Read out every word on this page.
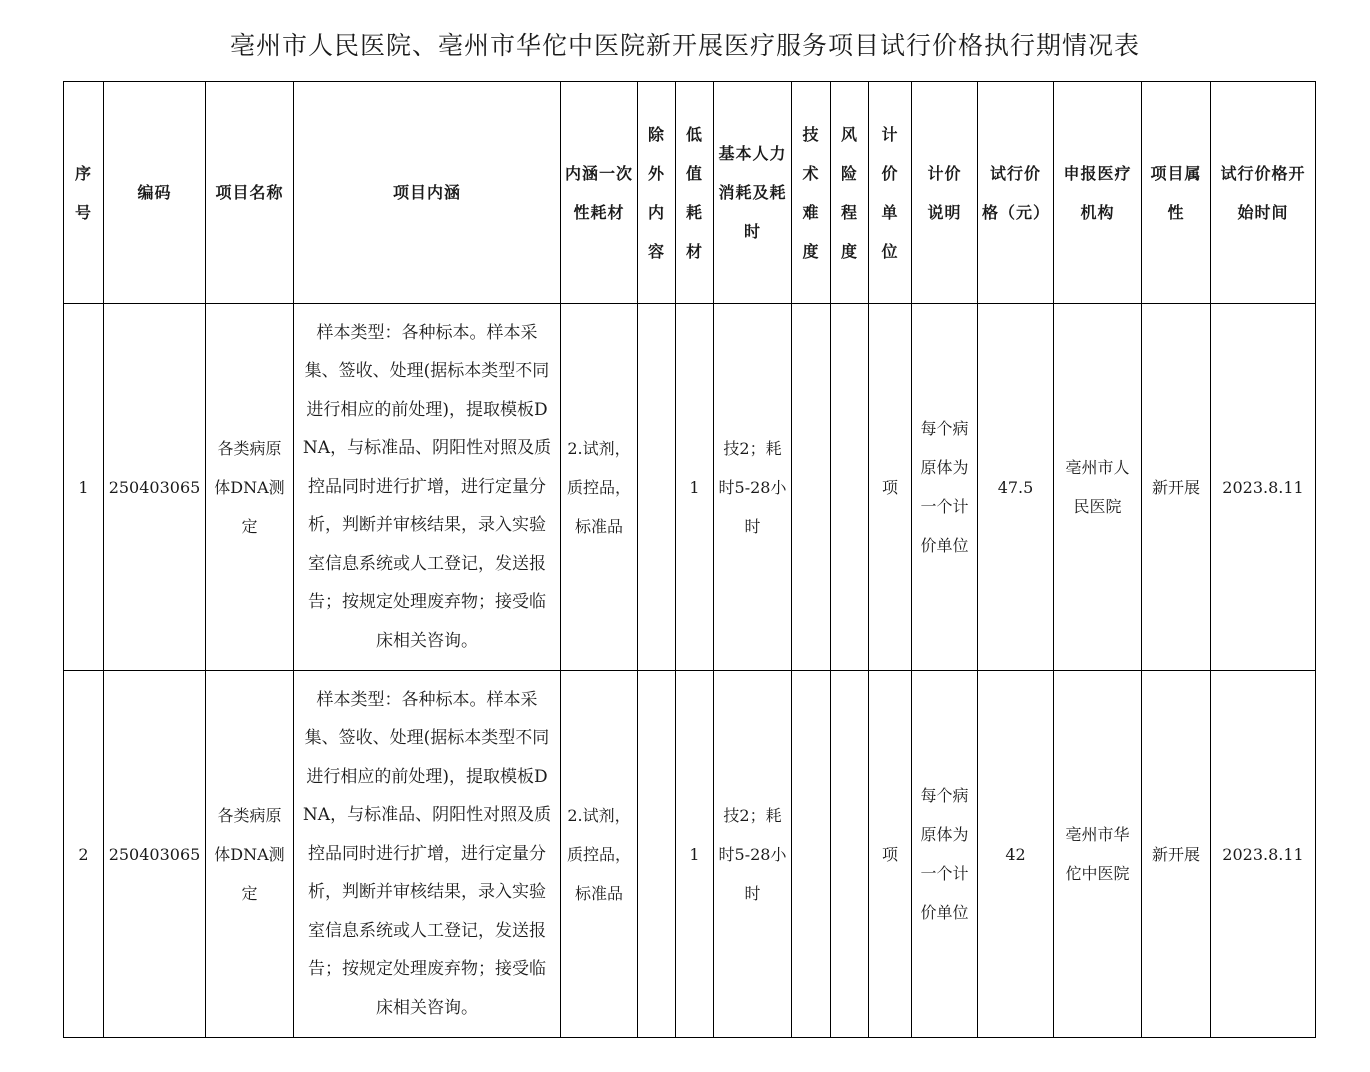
亳州市人民医院、亳州市华佗中医院新开展医疗服务项目试行价格执行期情况表
序号	编码	项目名称	项目内涵	内涵一次性耗材	除外内容	低值耗材	基本人力消耗及耗时	技术难度	风险程度	计价单位	计价说明	试行价格（元）	申报医疗机构	项目属性	试行价格开始时间
1	250403065	各类病原体DNA测定	样本类型：各种标本。样本采集、签收、处理(据标本类型不同进行相应的前处理)，提取模板DNA，与标准品、阴阳性对照及质控品同时进行扩增，进行定量分析，判断并审核结果，录入实验室信息系统或人工登记，发送报告；按规定处理废弃物；接受临床相关咨询。	2.试剂，质控品，标准品		1	技2；耗时5-28小时			项	每个病原体为一个计价单位	47.5	亳州市人民医院	新开展	2023.8.11
2	250403065	各类病原体DNA测定	样本类型：各种标本。样本采集、签收、处理(据标本类型不同进行相应的前处理)，提取模板DNA，与标准品、阴阳性对照及质控品同时进行扩增，进行定量分析，判断并审核结果，录入实验室信息系统或人工登记，发送报告；按规定处理废弃物；接受临床相关咨询。	2.试剂，质控品，标准品		1	技2；耗时5-28小时			项	每个病原体为一个计价单位	42	亳州市华佗中医院	新开展	2023.8.11
